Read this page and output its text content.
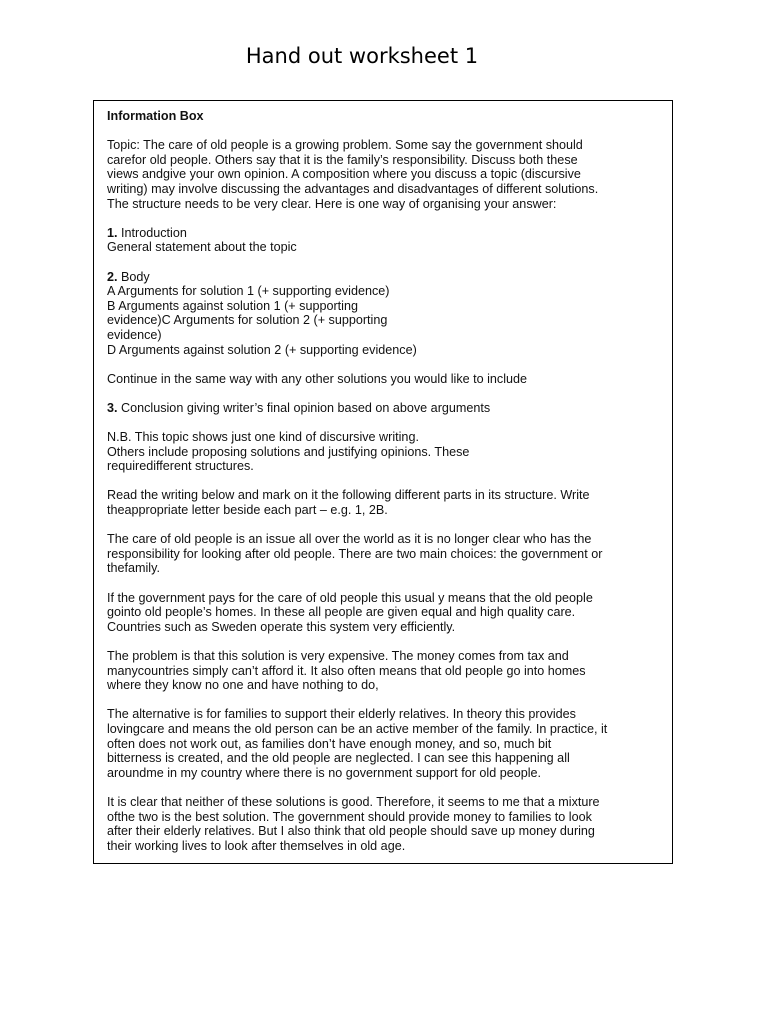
Hand out worksheet 1

Information Box

Topic: The care of old people is a growing problem. Some say the government should
carefor old people. Others say that it is the family’s responsibility. Discuss both these
views andgive your own opinion. A composition where you discuss a topic (discursive
writing) may involve discussing the advantages and disadvantages of different solutions.
The structure needs to be very clear. Here is one way of organising your answer:

1. Introduction
General statement about the topic

2. Body
A Arguments for solution 1 (+ supporting evidence)
B Arguments against solution 1 (+ supporting
evidence)C Arguments for solution 2 (+ supporting
evidence)
D Arguments against solution 2 (+ supporting evidence)

Continue in the same way with any other solutions you would like to include

3. Conclusion giving writer’s final opinion based on above arguments

N.B. This topic shows just one kind of discursive writing.
Others include proposing solutions and justifying opinions. These
requiredifferent structures.

Read the writing below and mark on it the following different parts in its structure. Write
theappropriate letter beside each part – e.g. 1, 2B.

The care of old people is an issue all over the world as it is no longer clear who has the
responsibility for looking after old people. There are two main choices: the government or
thefamily.

If the government pays for the care of old people this usual y means that the old people
gointo old people’s homes. In these all people are given equal and high quality care.
Countries such as Sweden operate this system very efficiently.

The problem is that this solution is very expensive. The money comes from tax and
manycountries simply can’t afford it. It also often means that old people go into homes
where they know no one and have nothing to do,

The alternative is for families to support their elderly relatives. In theory this provides
lovingcare and means the old person can be an active member of the family. In practice, it
often does not work out, as families don’t have enough money, and so, much bit
bitterness is created, and the old people are neglected. I can see this happening all
aroundme in my country where there is no government support for old people.

It is clear that neither of these solutions is good. Therefore, it seems to me that a mixture
ofthe two is the best solution. The government should provide money to families to look
after their elderly relatives. But I also think that old people should save up money during
their working lives to look after themselves in old age.
